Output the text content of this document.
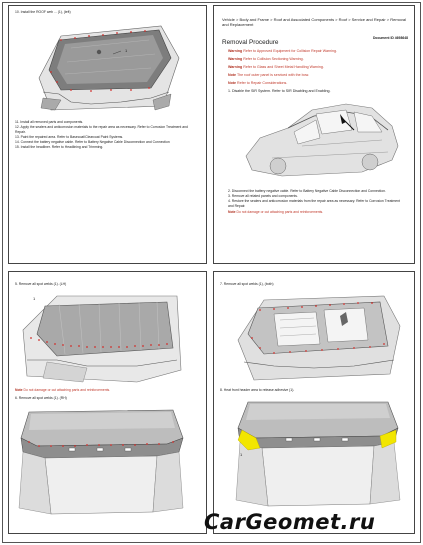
10. Install the ROOF web ... (1), (left)

1

11. Install all removed parts and components.

12. Apply the sealers and anticorrosion materials to the repair area as necessary. Refer to Corrosion Treatment and

Repair.

13. Paint the repaired area. Refer to Basecoat/Clearcoat Paint Systems.

14. Connect the battery negative cable. Refer to Battery Negative Cable Disconnection and Connection

15. Install the headliner. Refer to Headlining and Trimming.

Vehicle > Body and Frame > Roof and Associated Components > Roof > Service and Repair > Removal

and Replacement

Document ID 4698648

Removal Procedure

Warning Refer to Approved Equipment for Collision Repair Warning.

Warning Refer to Collision Sectioning Warning.

Warning Refer to Glass and Sheet Metal Handling Warning.

Note The roof outer panel is serviced with the bow.

Note Refer to Repair Considerations.

1. Disable the SIR System. Refer to SIR Disabling and Enabling.

2. Disconnect the battery negative cable. Refer to Battery Negative Cable Disconnection and Connection.

3. Remove all related panels and components.

4. Restore the sealers and anticorrosion materials from the repair area as necessary. Refer to Corrosion Treatment

and Repair.

Note Do not damage or cut attaching parts and reinforcements.

5. Remove all spot welds (1). (LH)

1

Note Do not damage or cut attaching parts and reinforcements.

6. Remove all spot welds (1). (RH)

7. Remove all spot welds (1), (both)

8. Heat front header area to release adhesive (1).

1
CarGeomet.ru
